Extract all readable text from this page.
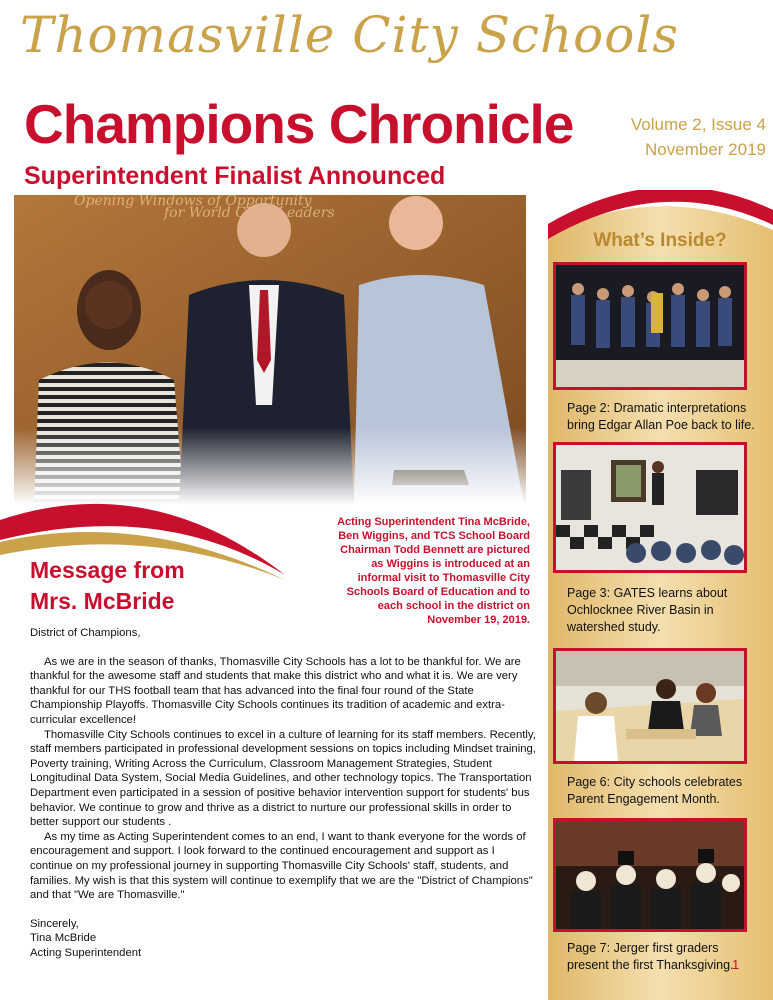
Thomasville City Schools
Champions Chronicle	Volume 2, Issue 4
November 2019
Superintendent Finalist Announced
What’s Inside?
Page 2: Dramatic interpretations bring Edgar Allan Poe back to life.
Page 3: GATES learns about Ochlocknee River Basin in watershed study.
Page 6: City schools celebrates Parent Engagement Month.
Page 7: Jerger first graders present the first Thanksgiving.
Acting Superintendent Tina McBride, Ben Wiggins, and TCS School Board Chairman Todd Bennett are pictured as Wiggins is introduced at an informal visit to Thomasville City Schools Board of Education and to each school in the district on November 19, 2019.
Message from
Mrs. McBride

District of Champions,

As we are in the season of thanks, Thomasville City Schools has a lot to be thankful for. We are thankful for the awesome staff and students that make this district who and what it is. We are very thankful for our THS football team that has advanced into the final four round of the State Championship Playoffs. Thomasville City Schools continues its tradition of academic and extra-curricular excellence!

Thomasville City Schools continues to excel in a culture of learning for its staff members. Recently, staff members participated in professional development sessions on topics including Mindset training, Poverty training, Writing Across the Curriculum, Classroom Management Strategies, Student Longitudinal Data System, Social Media Guidelines, and other technology topics. The Transportation Department even participated in a session of positive behavior intervention support for students' bus behavior. We continue to grow and thrive as a district to nurture our professional skills in order to better support our students .

As my time as Acting Superintendent comes to an end, I want to thank everyone for the words of encouragement and support. I look forward to the continued encouragement and support as I continue on my professional journey in supporting Thomasville City Schools' staff, students, and families. My wish is that this system will continue to exemplify that we are the "District of Champions" and that "We are Thomasville."

Sincerely,

Tina McBride

Acting Superintendent

1
